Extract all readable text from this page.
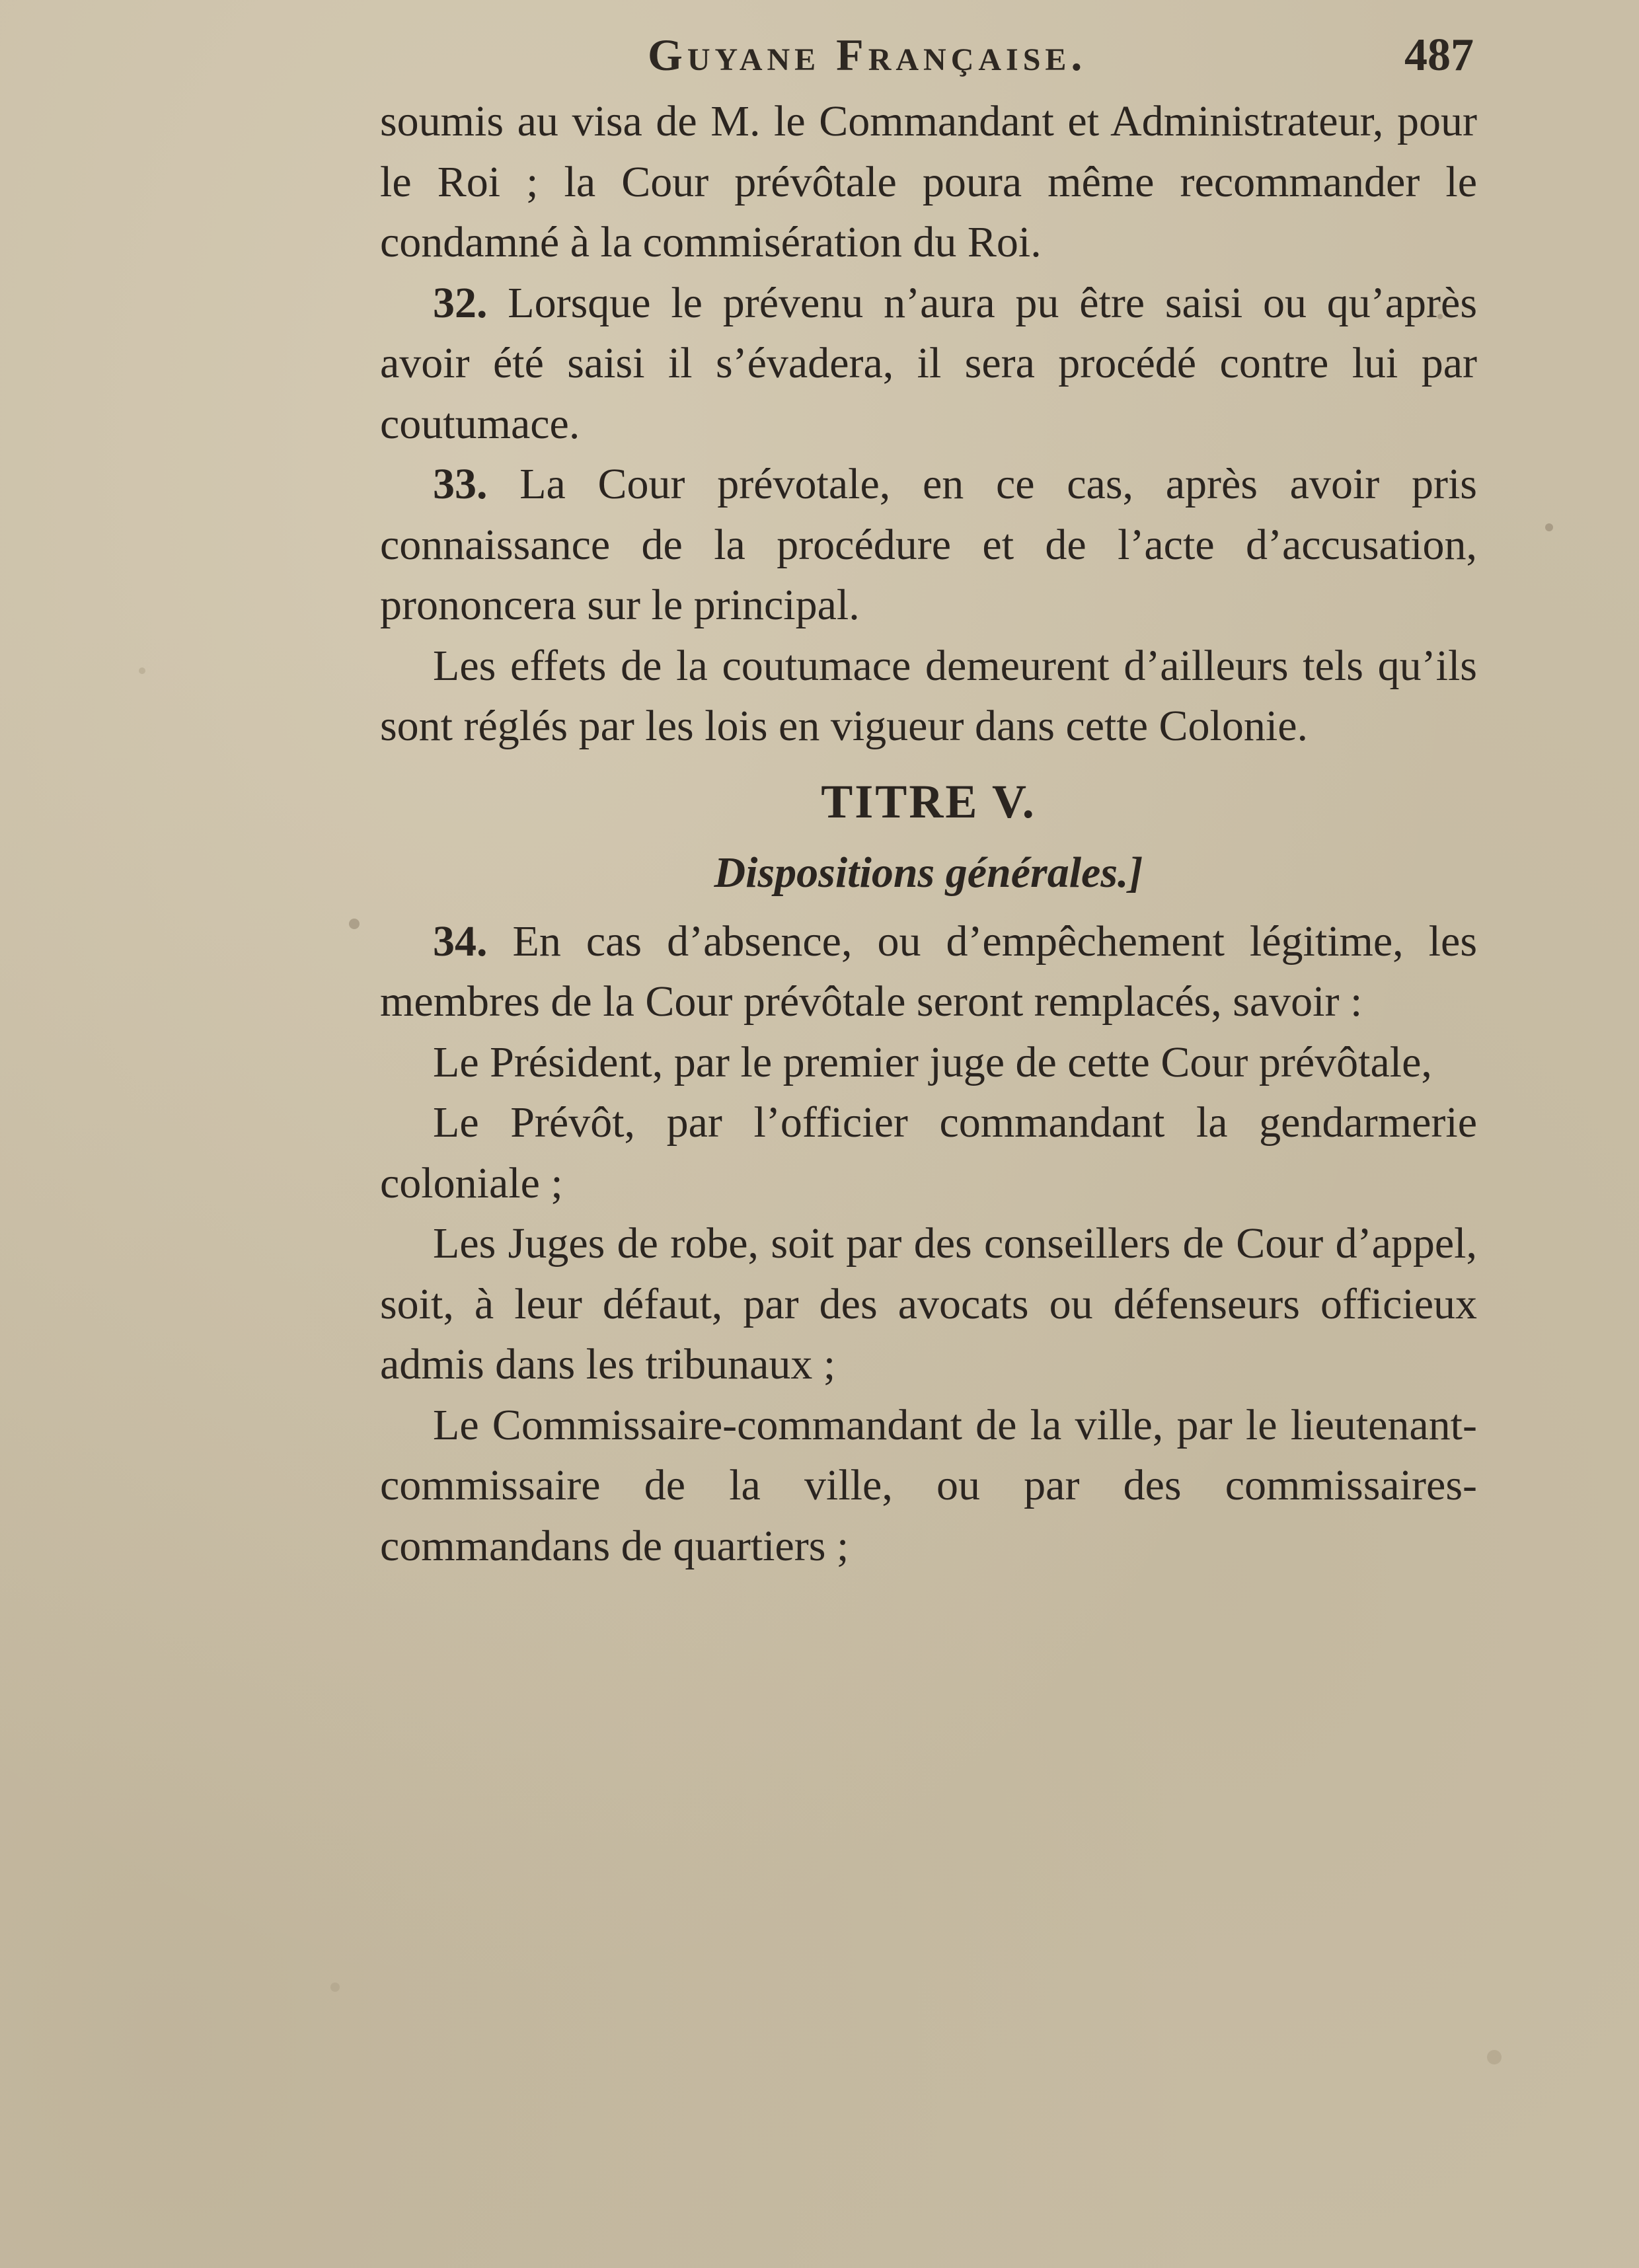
Guyane Française.	487

soumis au visa de M. le Commandant et Administrateur, pour le Roi ; la Cour prévôtale poura même recommander le condamné à la commisération du Roi.

32. Lorsque le prévenu n’aura pu être saisi ou qu’après avoir été saisi il s’évadera, il sera procédé contre lui par coutumace.

33. La Cour prévotale, en ce cas, après avoir pris connaissance de la procédure et de l’acte d’accusation, prononcera sur le principal.

Les effets de la coutumace demeurent d’ailleurs tels qu’ils sont réglés par les lois en vigueur dans cette Colonie.

TITRE V.
Dispositions générales.]

34. En cas d’absence, ou d’empêchement légitime, les membres de la Cour prévôtale seront remplacés, savoir :

Le Président, par le premier juge de cette Cour prévôtale,

Le Prévôt, par l’officier commandant la gendarmerie coloniale ;

Les Juges de robe, soit par des conseillers de Cour d’appel, soit, à leur défaut, par des avocats ou défenseurs officieux admis dans les tribunaux ;

Le Commissaire-commandant de la ville, par le lieutenant-commissaire de la ville, ou par des commissaires-commandans de quartiers ;
